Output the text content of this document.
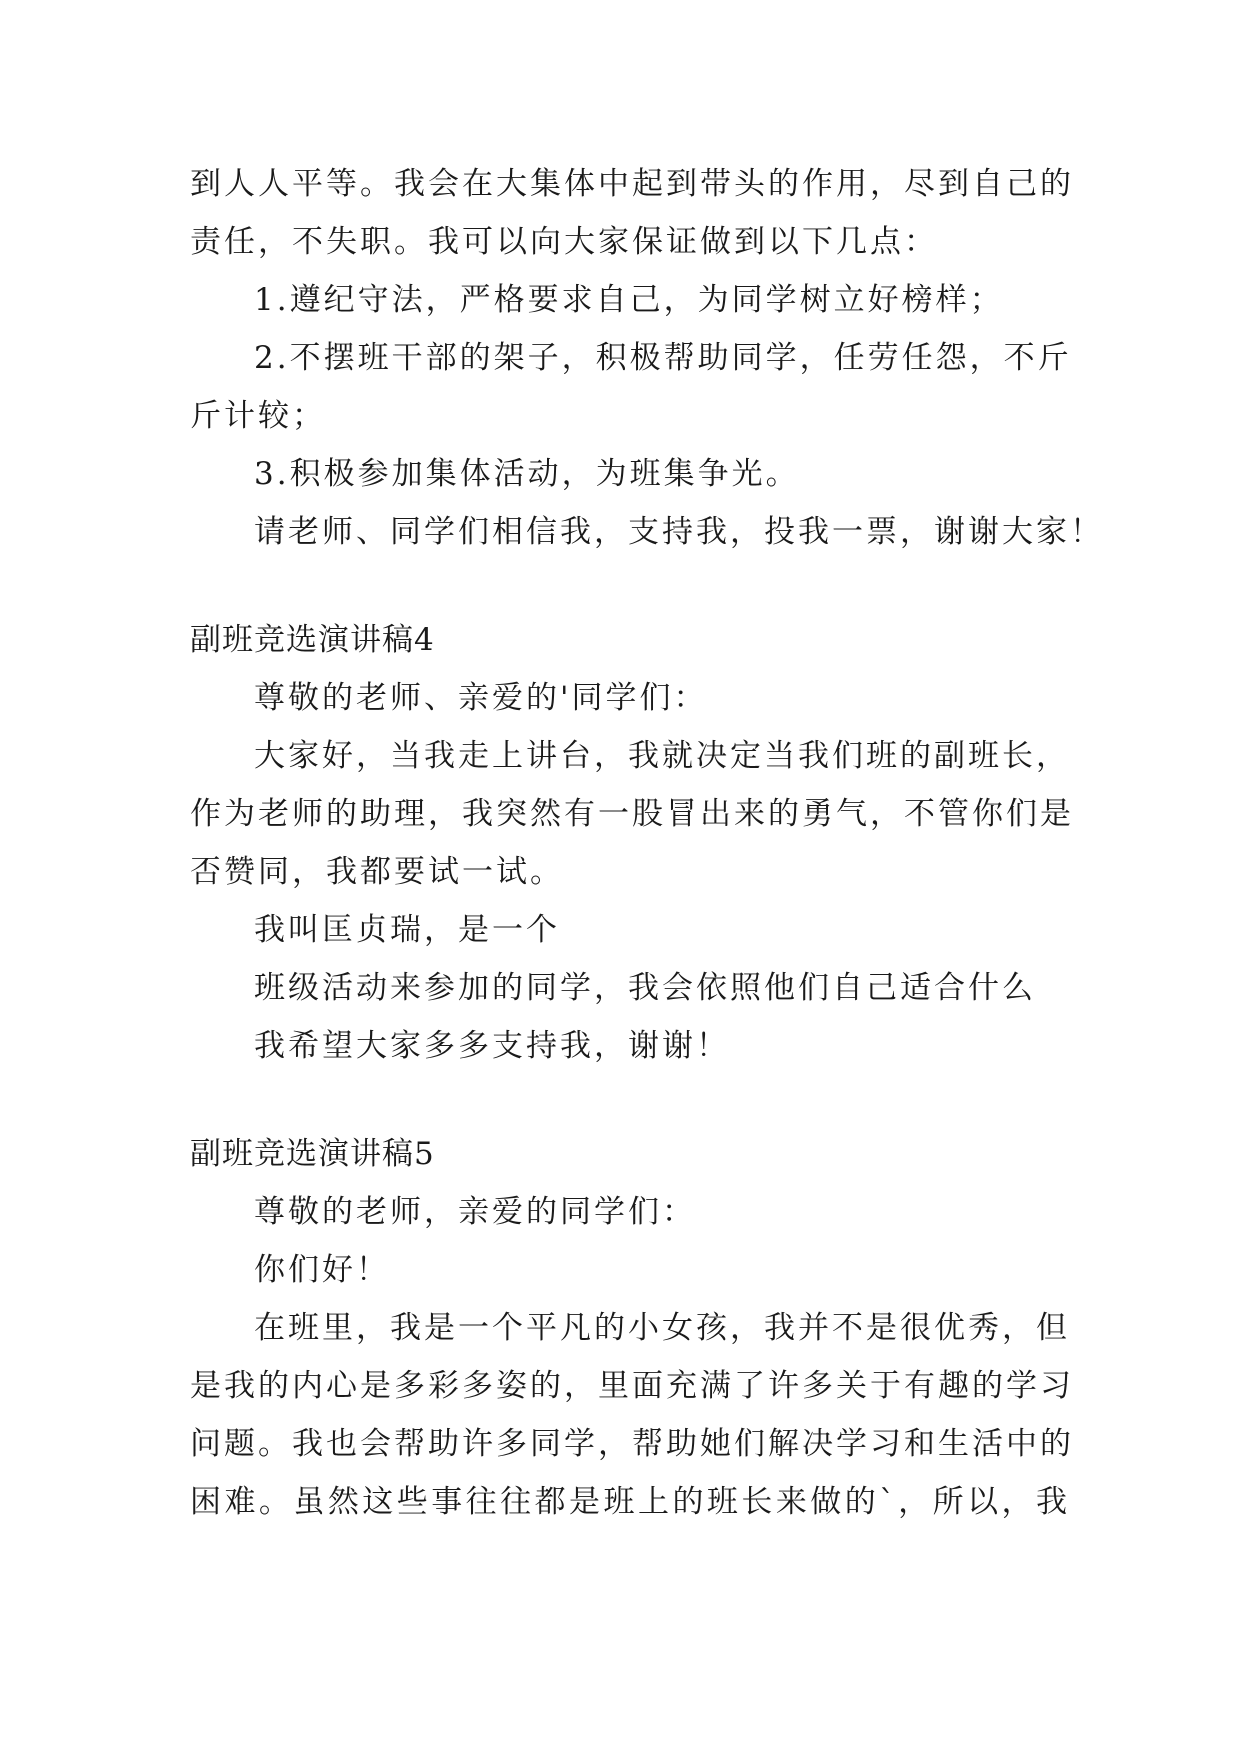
到人人平等。我会在大集体中起到带头的作用，尽到自己的
责任，不失职。我可以向大家保证做到以下几点：
1.遵纪守法，严格要求自己，为同学树立好榜样；
2.不摆班干部的架子，积极帮助同学，任劳任怨，不斤
斤计较；
3.积极参加集体活动，为班集争光。
请老师、同学们相信我，支持我，投我一票，谢谢大家！
副班竞选演讲稿4
尊敬的老师、亲爱的'同学们：
大家好，当我走上讲台，我就决定当我们班的副班长，
作为老师的助理，我突然有一股冒出来的勇气，不管你们是
否赞同，我都要试一试。
我叫匡贞瑞，是一个
班级活动来参加的同学，我会依照他们自己适合什么
我希望大家多多支持我，谢谢！
副班竞选演讲稿5
尊敬的老师，亲爱的同学们：
你们好！
在班里，我是一个平凡的小女孩，我并不是很优秀，但
是我的内心是多彩多姿的，里面充满了许多关于有趣的学习
问题。我也会帮助许多同学，帮助她们解决学习和生活中的
困难。虽然这些事往往都是班上的班长来做的`，所以，我
